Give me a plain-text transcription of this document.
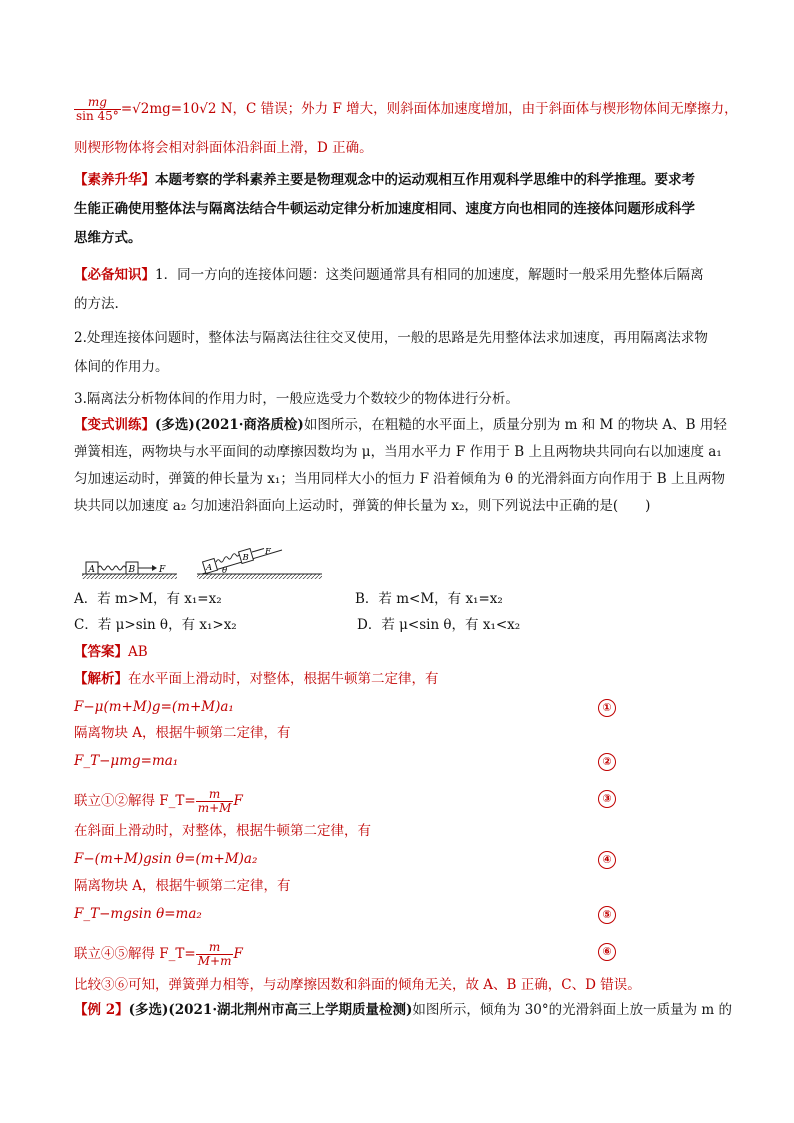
$\frac{mg}{\sin 45^\circ} =√2mg=10√2$ N，C 错误；外力 F 增大，则斜面体加速度增加，由于斜面体与楔形物体间无摩擦力，
则楔形物体将会相对斜面体沿斜面上滑，D 正确。
【素养升华】本题考察的学科素养主要是物理观念中的运动观相互作用观科学思维中的科学推理。要求考
生能正确使用整体法与隔离法结合牛顿运动定律分析加速度相同、速度方向也相同的连接体问题形成科学
思维方式。
【必备知识】1．同一方向的连接体问题：这类问题通常具有相同的加速度，解题时一般采用先整体后隔离
的方法.
2.处理连接体问题时，整体法与隔离法往往交叉使用，一般的思路是先用整体法求加速度，再用隔离法求物
体间的作用力。
3.隔离法分析物体间的作用力时，一般应选受力个数较少的物体进行分析。
【变式训练】(多选)(2021·商洛质检)如图所示，在粗糙的水平面上，质量分别为 m 和 M 的物块 A、B 用轻
弹簧相连，两物块与水平面间的动摩擦因数均为 μ，当用水平力 F 作用于 B 上且两物块共同向右以加速度 a₁
匀加速运动时，弹簧的伸长量为 x₁；当用同样大小的恒力 F 沿着倾角为 θ 的光滑斜面方向作用于 B 上且两物
块共同以加速度 a₂ 匀加速沿斜面向上运动时，弹簧的伸长量为 x₂，则下列说法中正确的是(　　)
A	B	F	A
B
F
θ
A．若 m>M，有 x₁=x₂	B．若 m<M，有 x₁=x₂
C．若 μ>sin θ，有 x₁>x₂	D．若 μ<sin θ，有 x₁<x₂
【答案】AB
【解析】在水平面上滑动时，对整体，根据牛顿第二定律，有
F−μ(m+M)g=(m+M)a₁	①
隔离物块 A，根据牛顿第二定律，有
F_T−μmg=ma₁	②
联立①②解得 F_T= $\frac{m}{m+M}$ F	③
在斜面上滑动时，对整体，根据牛顿第二定律，有
F−(m+M)gsin θ=(m+M)a₂	④
隔离物块 A，根据牛顿第二定律，有
F_T−mgsin θ=ma₂	⑤
联立④⑤解得 F_T= $\frac{m}{M+m}$ F	⑥
比较③⑥可知，弹簧弹力相等，与动摩擦因数和斜面的倾角无关，故 A、B 正确，C、D 错误。
【例 2】(多选)(2021·湖北荆州市高三上学期质量检测)如图所示，倾角为 30°的光滑斜面上放一质量为 m 的
